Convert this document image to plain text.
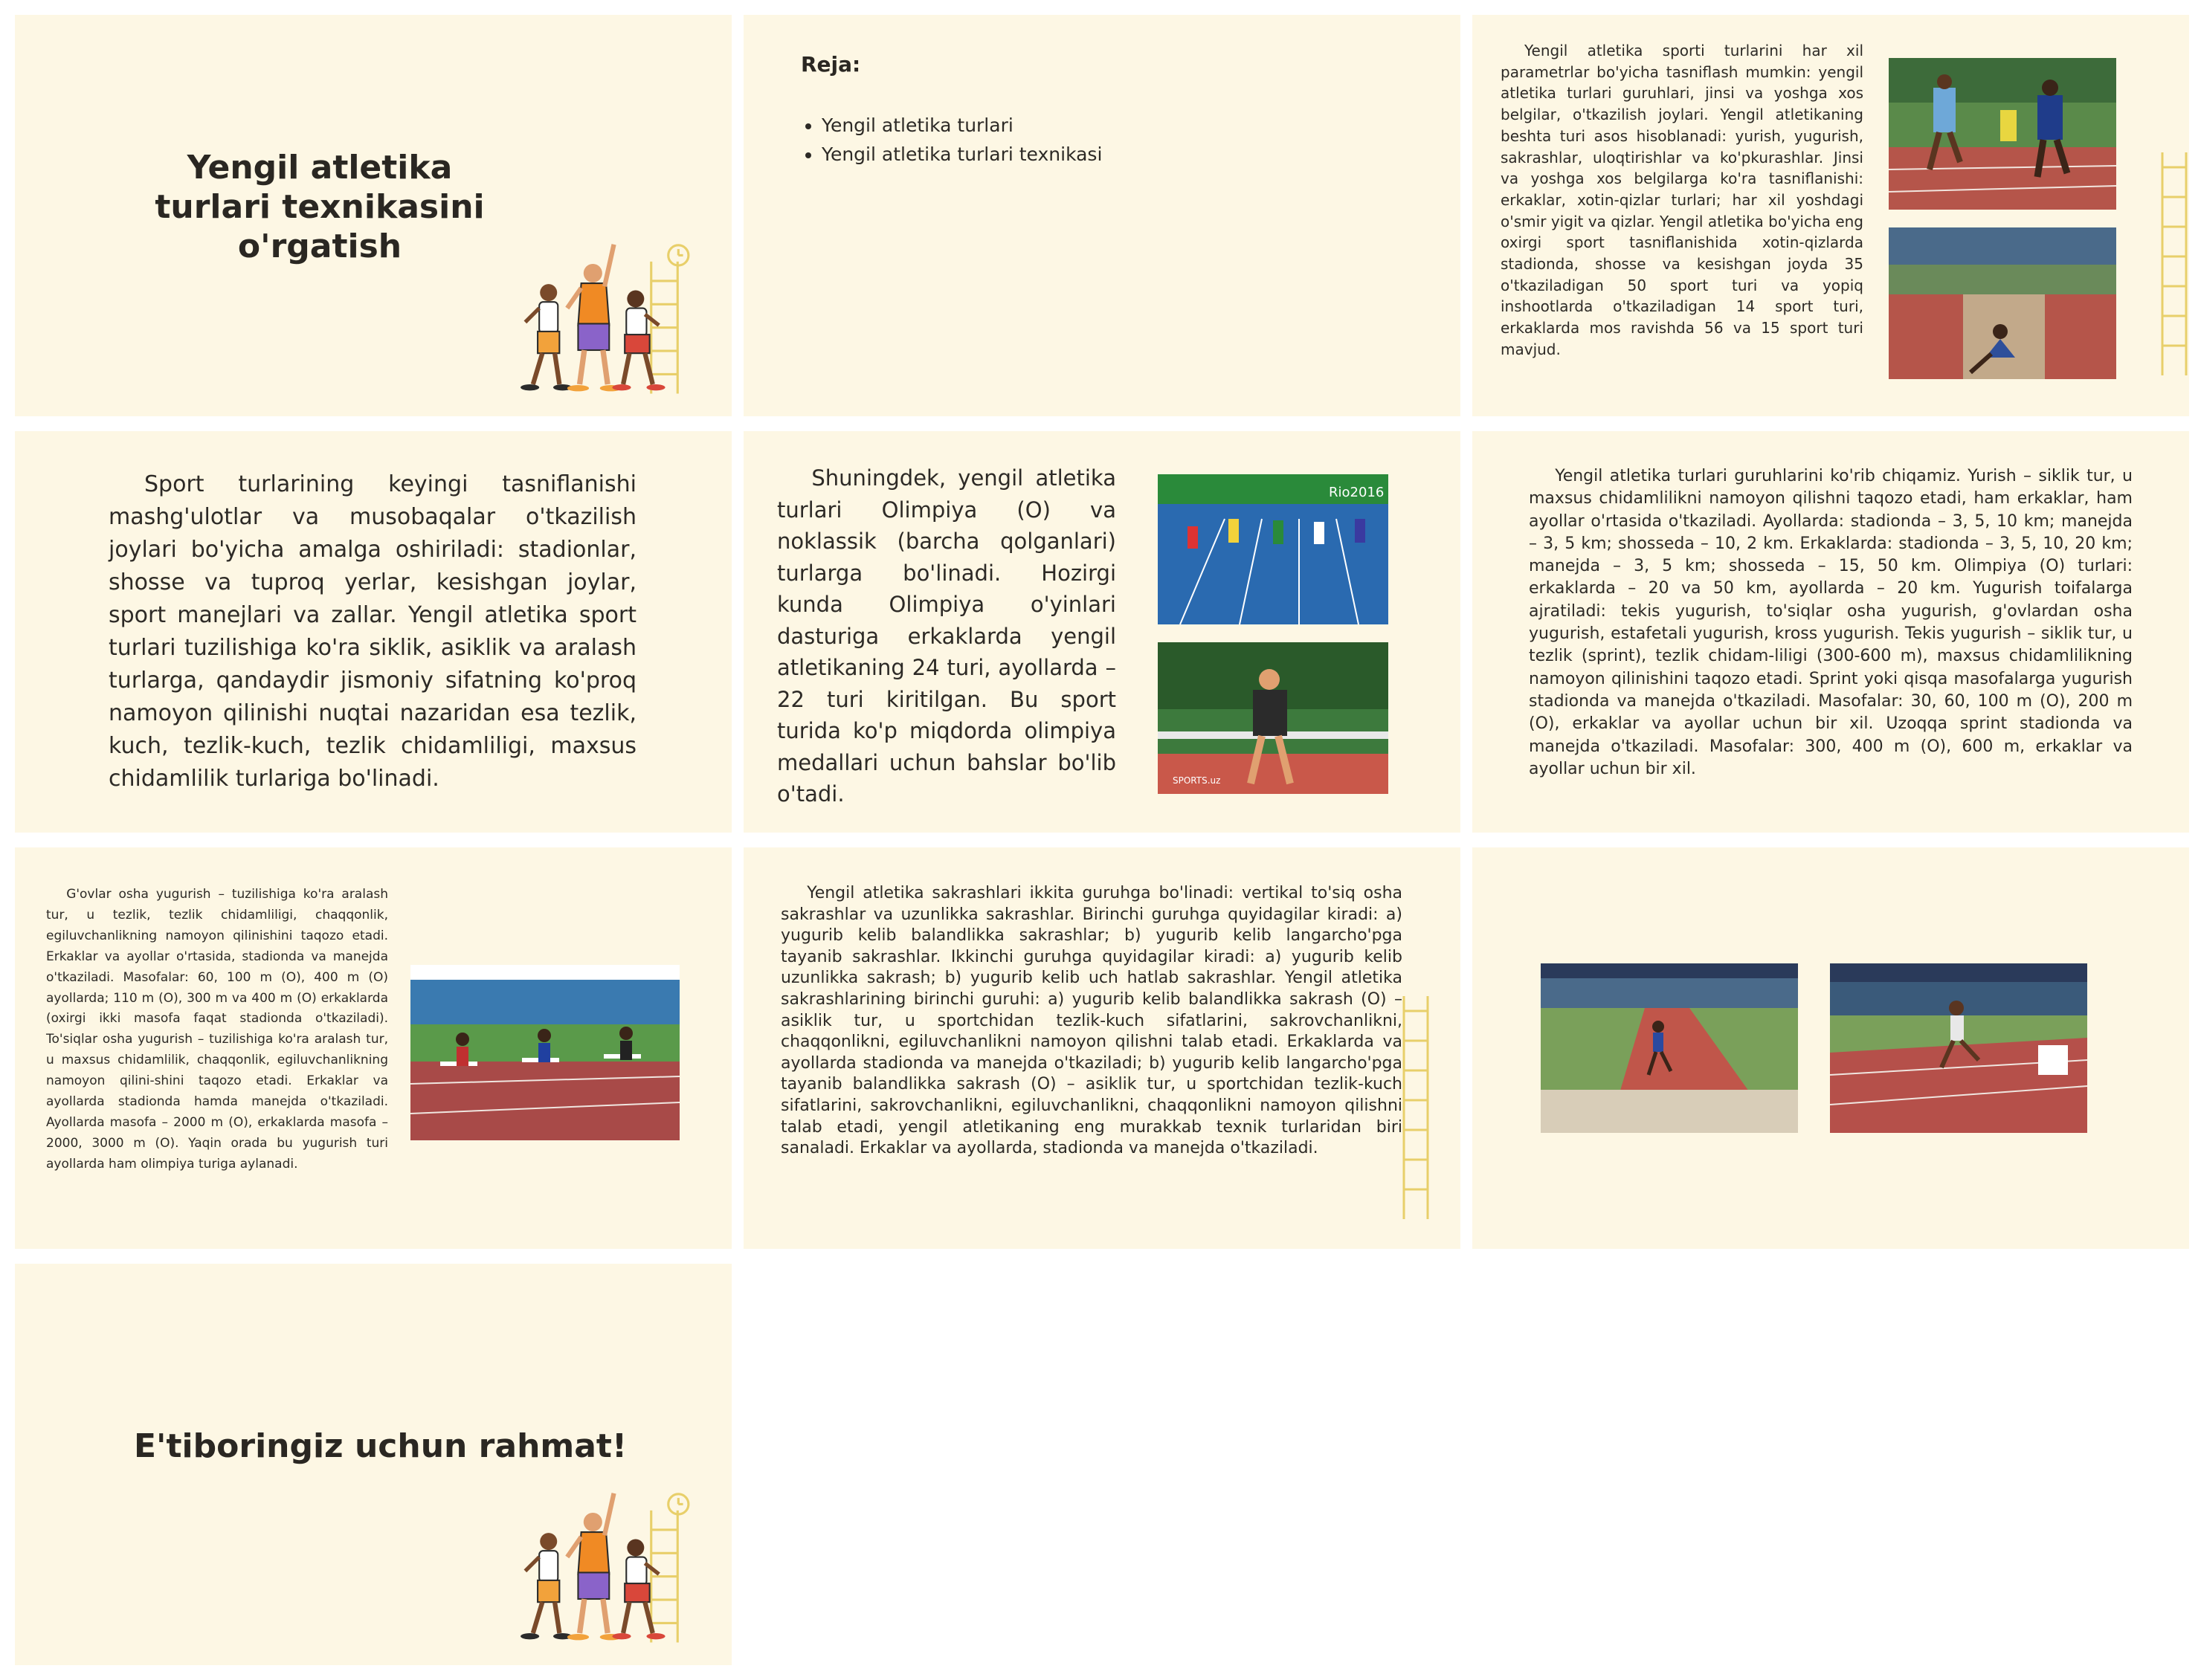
Yengil atletika turlari texnikasini o'rgatish
Reja:
• Yengil atletika turlari
• Yengil atletika turlari texnikasi

Yengil atletika sporti turlarini har xil parametrlar bo'yicha tasniflash mumkin: yengil atletika turlari guruhlari, jinsi va yoshga xos belgilar, o'tkazilish joylari. Yengil atletikaning beshta turi asos hisoblanadi: yurish, yugurish, sakrashlar, uloqtirishlar va ko'pkurashlar. Jinsi va yoshga xos belgilarga ko'ra tasniflanishi: erkaklar, xotin-qizlar turlari; har xil yoshdagi o'smir yigit va qizlar. Yengil atletika bo'yicha eng oxirgi sport tasniflanishida xotin-qizlarda stadionda, shosse va kesishgan joyda 35 o'tkaziladigan 50 sport turi va yopiq inshootlarda o'tkaziladigan 14 sport turi, erkaklarda mos ravishda 56 va 15 sport turi mavjud.

Sport turlarining keyingi tasniflanishi mashg'ulotlar va musobaqalar o'tkazilish joylari bo'yicha amalga oshiriladi: stadionlar, shosse va tuproq yerlar, kesishgan joylar, sport manejlari va zallar. Yengil atletika sport turlari tuzilishiga ko'ra siklik, asiklik va aralash turlarga, qandaydir jismoniy sifatning ko'proq namoyon qilinishi nuqtai nazaridan esa tezlik, kuch, tezlik-kuch, tezlik chidamliligi, maxsus chidamlilik turlariga bo'linadi.

Shuningdek, yengil atletika turlari Olimpiya (O) va noklassik (barcha qolganlari) turlarga bo'linadi. Hozirgi kunda Olimpiya o'yinlari dasturiga erkaklarda yengil atletikaning 24 turi, ayollarda – 22 turi kiritilgan. Bu sport turida ko'p miqdorda olimpiya medallari uchun bahslar bo'lib o'tadi.

Rio2016
SPORTS.uz

Yengil atletika turlari guruhlarini ko'rib chiqamiz. Yurish – siklik tur, u maxsus chidamlilikni namoyon qilishni taqozo etadi, ham erkaklar, ham ayollar o'rtasida o'tkaziladi. Ayollarda: stadionda – 3, 5, 10 km; manejda – 3, 5 km; shosseda – 10, 2 km. Erkaklarda: stadionda – 3, 5, 10, 20 km; manejda – 3, 5 km; shosseda – 15, 50 km. Olimpiya (O) turlari: erkaklarda – 20 va 50 km, ayollarda – 20 km. Yugurish toifalarga ajratiladi: tekis yugurish, to'siqlar osha yugurish, g'ovlardan osha yugurish, estafetali yugurish, kross yugurish. Tekis yugurish – siklik tur, u tezlik (sprint), tezlik chidam-liligi (300-600 m), maxsus chidamlilikning namoyon qilinishini taqozo etadi. Sprint yoki qisqa masofalarga yugurish stadionda va manejda o'tkaziladi. Masofalar: 30, 60, 100 m (O), 200 m (O), erkaklar va ayollar uchun bir xil. Uzoqqa sprint stadionda va manejda o'tkaziladi. Masofalar: 300, 400 m (O), 600 m, erkaklar va ayollar uchun bir xil.

G'ovlar osha yugurish – tuzilishiga ko'ra aralash tur, u tezlik, tezlik chidamliligi, chaqqonlik, egiluvchanlikning namoyon qilinishini taqozo etadi. Erkaklar va ayollar o'rtasida, stadionda va manejda o'tkaziladi. Masofalar: 60, 100 m (O), 400 m (O) ayollarda; 110 m (O), 300 m va 400 m (O) erkaklarda (oxirgi ikki masofa faqat stadionda o'tkaziladi). To'siqlar osha yugurish – tuzilishiga ko'ra aralash tur, u maxsus chidamlilik, chaqqonlik, egiluvchanlikning namoyon qilini-shini taqozo etadi. Erkaklar va ayollarda stadionda hamda manejda o'tkaziladi. Ayollarda masofa – 2000 m (O), erkaklarda masofa – 2000, 3000 m (O). Yaqin orada bu yugurish turi ayollarda ham olimpiya turiga aylanadi.

Yengil atletika sakrashlari ikkita guruhga bo'linadi: vertikal to'siq osha sakrashlar va uzunlikka sakrashlar. Birinchi guruhga quyidagilar kiradi: a) yugurib kelib balandlikka sakrashlar; b) yugurib kelib langarcho'pga tayanib sakrashlar. Ikkinchi guruhga quyidagilar kiradi: a) yugurib kelib uzunlikka sakrash; b) yugurib kelib uch hatlab sakrashlar. Yengil atletika sakrashlarining birinchi guruhi: a) yugurib kelib balandlikka sakrash (O) – asiklik tur, u sportchidan tezlik-kuch sifatlarini, sakrovchanlikni, chaqqonlikni, egiluvchanlikni namoyon qilishni talab etadi. Erkaklarda va ayollarda stadionda va manejda o'tkaziladi; b) yugurib kelib langarcho'pga tayanib balandlikka sakrash (O) – asiklik tur, u sportchidan tezlik-kuch sifatlarini, sakrovchanlikni, egiluvchanlikni, chaqqonlikni namoyon qilishni talab etadi, yengil atletikaning eng murakkab texnik turlaridan biri sanaladi. Erkaklar va ayollarda, stadionda va manejda o'tkaziladi.

E'tiboringiz uchun rahmat!
